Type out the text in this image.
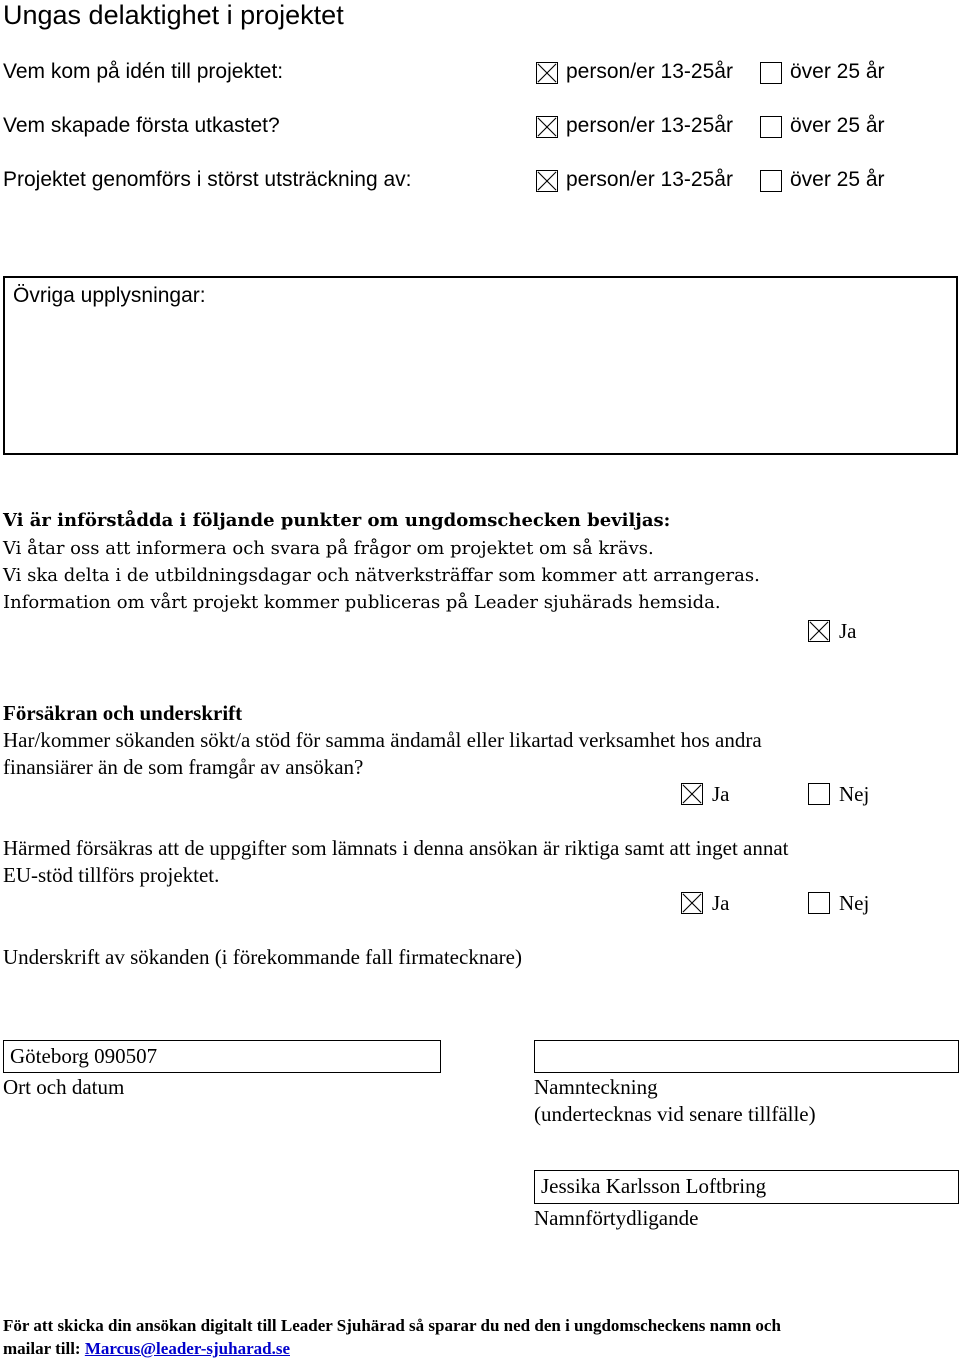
Ungas delaktighet i projektet
Vem kom på idén till projektet:	person/er 13-25år	över 25 år
Vem skapade första utkastet?	person/er 13-25år	över 25 år
Projektet genomförs i störst utsträckning av:	person/er 13-25år	över 25 år
Övriga upplysningar:
Vi är införstådda i följande punkter om ungdomschecken beviljas:
Vi åtar oss att informera och svara på frågor om projektet om så krävs.
Vi ska delta i de utbildningsdagar och nätverksträffar som kommer att arrangeras.
Information om vårt projekt kommer publiceras på Leader sjuhärads hemsida.
Ja
Försäkran och underskrift
Har/kommer sökanden sökt/a stöd för samma ändamål eller likartad verksamhet hos andra
finansiärer än de som framgår av ansökan?
Ja	Nej
Härmed försäkras att de uppgifter som lämnats i denna ansökan är riktiga samt att inget annat
EU-stöd tillförs projektet.
Ja	Nej
Underskrift av sökanden (i förekommande fall firmatecknare)
Göteborg 090507
Ort och datum	Namnteckning
(undertecknas vid senare tillfälle)
Jessika Karlsson Loftbring
Namnförtydligande
För att skicka din ansökan digitalt till Leader Sjuhärad så sparar du ned den i ungdomscheckens namn och
mailar till: Marcus@leader-sjuharad.se
